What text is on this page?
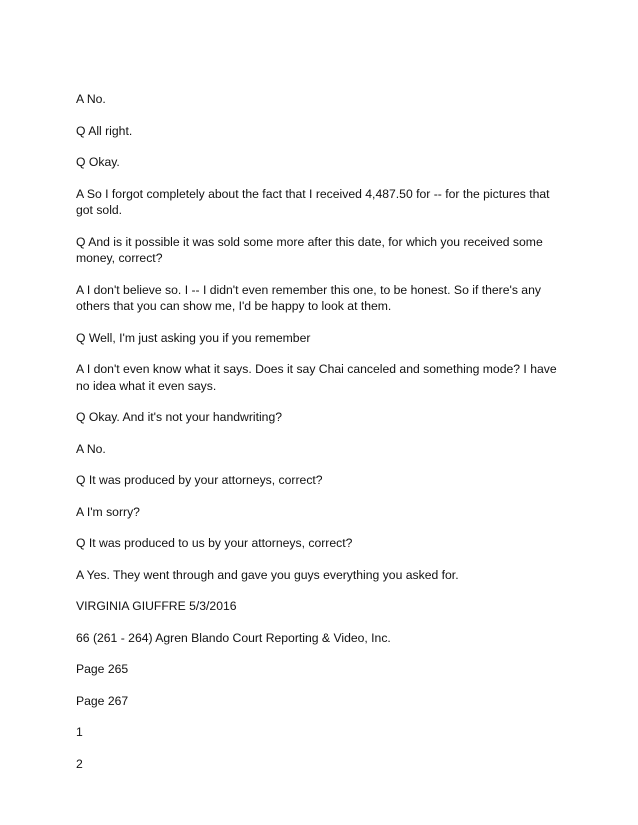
A No.

Q All right.

Q Okay.

A So I forgot completely about the fact that I received 4,487.50 for -- for the pictures that got sold.

Q And is it possible it was sold some more after this date, for which you received some money, correct?

A I don't believe so. I -- I didn't even remember this one, to be honest. So if there's any others that you can show me, I'd be happy to look at them.

Q Well, I'm just asking you if you remember

A I don't even know what it says. Does it say Chai canceled and something mode? I have no idea what it even says.

Q Okay. And it's not your handwriting?

A No.

Q It was produced by your attorneys, correct?

A I'm sorry?

Q It was produced to us by your attorneys, correct?

A Yes. They went through and gave you guys everything you asked for.

VIRGINIA GIUFFRE 5/3/2016

66 (261 - 264) Agren Blando Court Reporting & Video, Inc.

Page 265

Page 267

1

2
